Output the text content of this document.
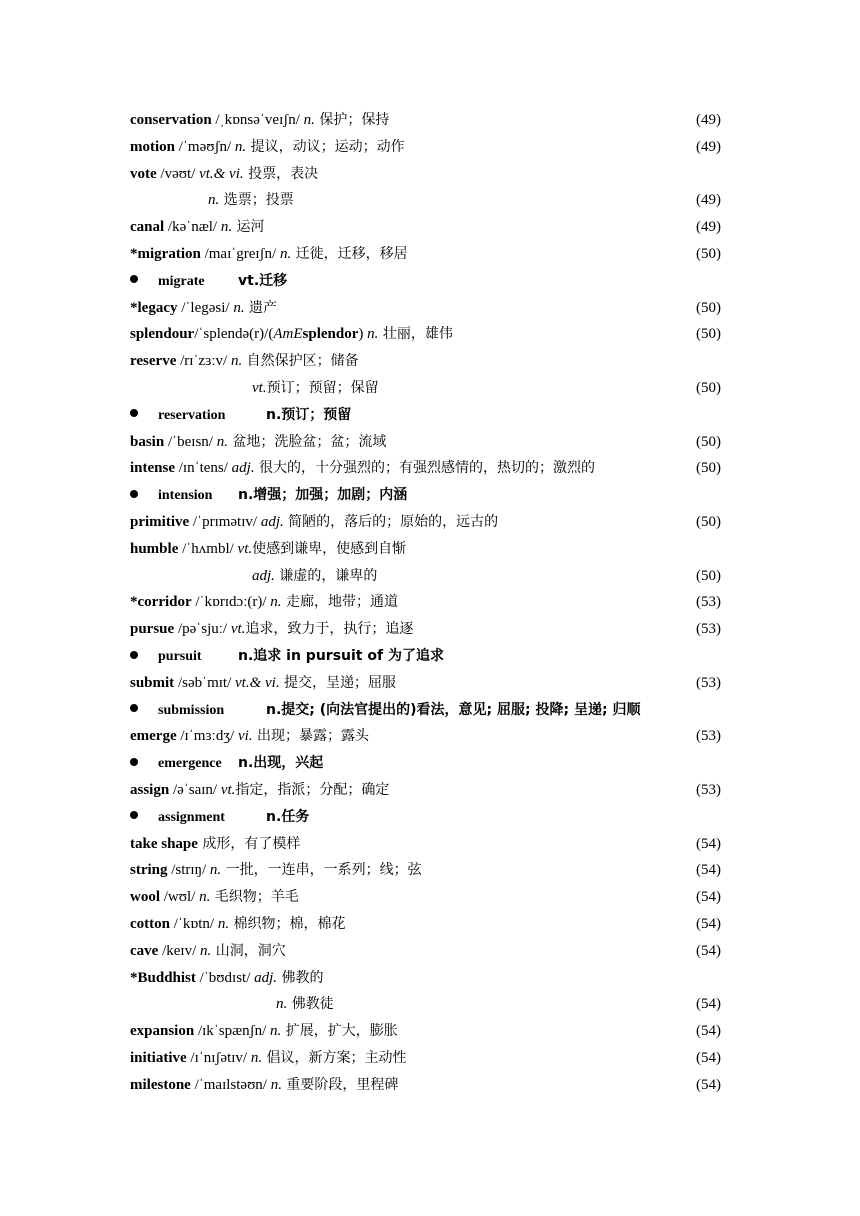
conservation /ˌkɒnsəˈveɪʃn/ n. 保护；保持	(49)
motion /ˈməʊʃn/ n. 提议，动议；运动；动作	(49)
vote /vəʊt/ vt.& vi. 投票，表决
n. 选票；投票	(49)
canal /kəˈnæl/ n. 运河	(49)
*migration /maɪˈgreɪʃn/ n. 迁徙，迁移，移居	(50)
migrate vt.迁移
*legacy /ˈlegəsi/ n. 遗产	(50)
splendour/ˈsplendə(r)/(AmEsplendor) n. 壮丽，雄伟	(50)
reserve /rɪˈzɜːv/ n. 自然保护区；储备
vt.预订；预留；保留	(50)
reservation	n.预订；预留
basin /ˈbeɪsn/ n. 盆地；洗脸盆；盆；流域	(50)
intense /ɪnˈtens/ adj. 很大的，十分强烈的；有强烈感情的，热切的；激烈的	(50)
intension n.增强；加强；加剧；内涵
primitive /ˈprɪmətɪv/ adj. 简陋的，落后的；原始的，远古的	(50)
humble /ˈhʌmbl/ vt.使感到谦卑，使感到自惭
adj. 谦虚的，谦卑的	(50)
*corridor /ˈkɒrɪdɔː(r)/ n. 走廊，地带；通道	(53)
pursue /pəˈsjuː/ vt.追求，致力于，执行；追逐	(53)
pursuit	n.追求 in pursuit of 为了追求
submit /səbˈmɪt/ vt.& vi. 提交，呈递；屈服	(53)
submission	n.提交; (向法官提出的)看法，意见; 屈服; 投降; 呈递; 归顺
emerge /ɪˈmɜːdʒ/ vi. 出现；暴露；露头	(53)
emergence n.出现，兴起
assign /əˈsaɪn/ vt.指定，指派；分配；确定	(53)
assignment	n.任务
take shape 成形，有了模样	(54)
string /strɪŋ/ n. 一批，一连串，一系列；线；弦	(54)
wool /wʊl/ n. 毛织物；羊毛	(54)
cotton /ˈkɒtn/ n. 棉织物；棉，棉花	(54)
cave /keɪv/ n. 山洞，洞穴	(54)
*Buddhist /ˈbʊdɪst/ adj. 佛教的
n. 佛教徒	(54)
expansion /ɪkˈspænʃn/ n. 扩展，扩大，膨胀	(54)
initiative /ɪˈnɪʃətɪv/ n. 倡议，新方案；主动性	(54)
milestone /ˈmaɪlstəʊn/ n. 重要阶段，里程碑	(54)
